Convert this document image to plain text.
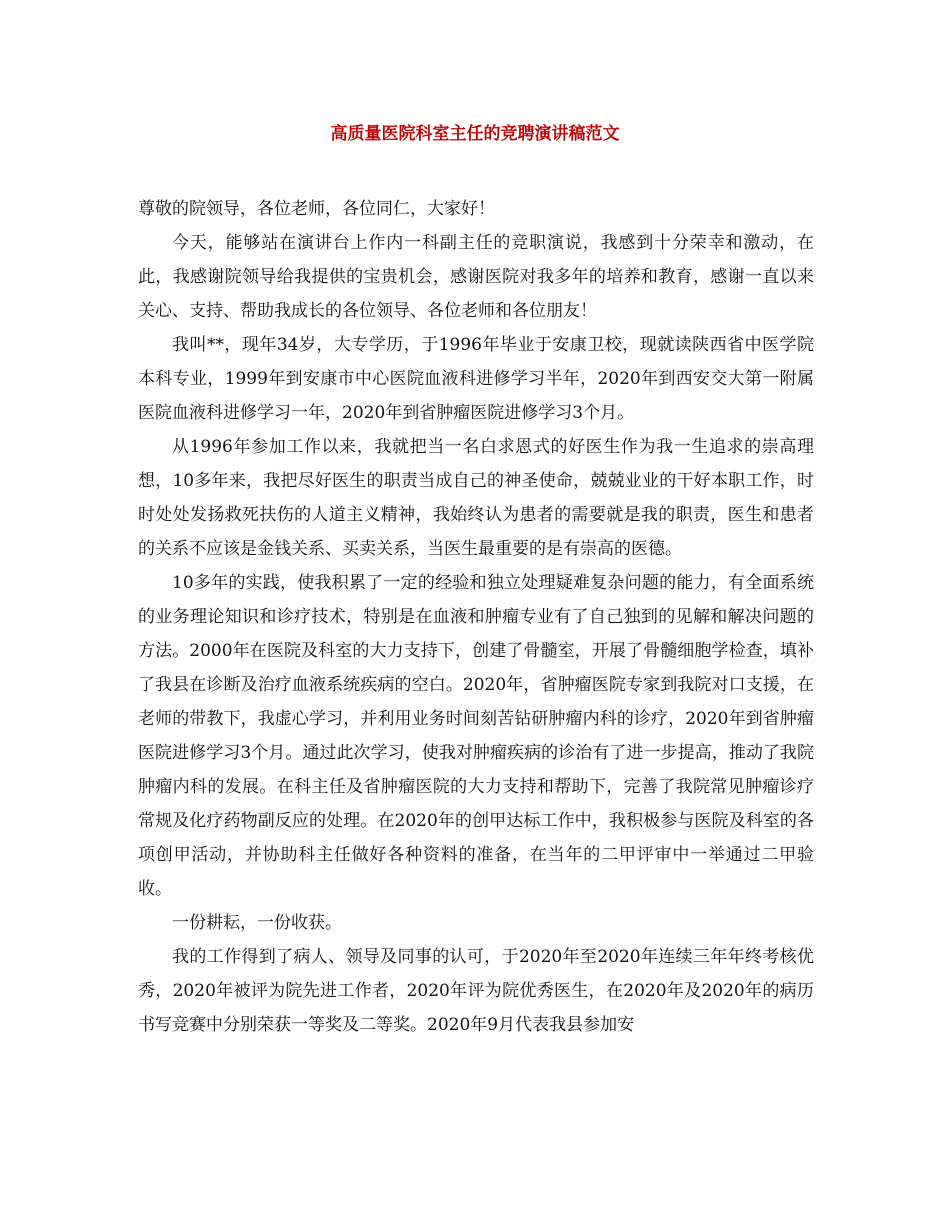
高质量医院科室主任的竞聘演讲稿范文

尊敬的院领导，各位老师，各位同仁，大家好！

今天，能够站在演讲台上作内一科副主任的竞职演说，我感到十分荣幸和激动，在此，我感谢院领导给我提供的宝贵机会，感谢医院对我多年的培养和教育，感谢一直以来关心、支持、帮助我成长的各位领导、各位老师和各位朋友！

我叫**，现年34岁，大专学历，于1996年毕业于安康卫校，现就读陕西省中医学院本科专业，1999年到安康市中心医院血液科进修学习半年，2020年到西安交大第一附属医院血液科进修学习一年，2020年到省肿瘤医院进修学习3个月。

从1996年参加工作以来，我就把当一名白求恩式的好医生作为我一生追求的崇高理想，10多年来，我把尽好医生的职责当成自己的神圣使命，兢兢业业的干好本职工作，时时处处发扬救死扶伤的人道主义精神，我始终认为患者的需要就是我的职责，医生和患者的关系不应该是金钱关系、买卖关系，当医生最重要的是有崇高的医德。

10多年的实践，使我积累了一定的经验和独立处理疑难复杂问题的能力，有全面系统的业务理论知识和诊疗技术，特别是在血液和肿瘤专业有了自己独到的见解和解决问题的方法。2000年在医院及科室的大力支持下，创建了骨髓室，开展了骨髓细胞学检查，填补了我县在诊断及治疗血液系统疾病的空白。2020年，省肿瘤医院专家到我院对口支援，在老师的带教下，我虚心学习，并利用业务时间刻苦钻研肿瘤内科的诊疗，2020年到省肿瘤医院进修学习3个月。通过此次学习，使我对肿瘤疾病的诊治有了进一步提高，推动了我院肿瘤内科的发展。在科主任及省肿瘤医院的大力支持和帮助下，完善了我院常见肿瘤诊疗常规及化疗药物副反应的处理。在2020年的创甲达标工作中，我积极参与医院及科室的各项创甲活动，并协助科主任做好各种资料的准备，在当年的二甲评审中一举通过二甲验收。

一份耕耘，一份收获。

我的工作得到了病人、领导及同事的认可，于2020年至2020年连续三年年终考核优秀，2020年被评为院先进工作者，2020年评为院优秀医生，在2020年及2020年的病历书写竞赛中分别荣获一等奖及二等奖。2020年9月代表我县参加安
